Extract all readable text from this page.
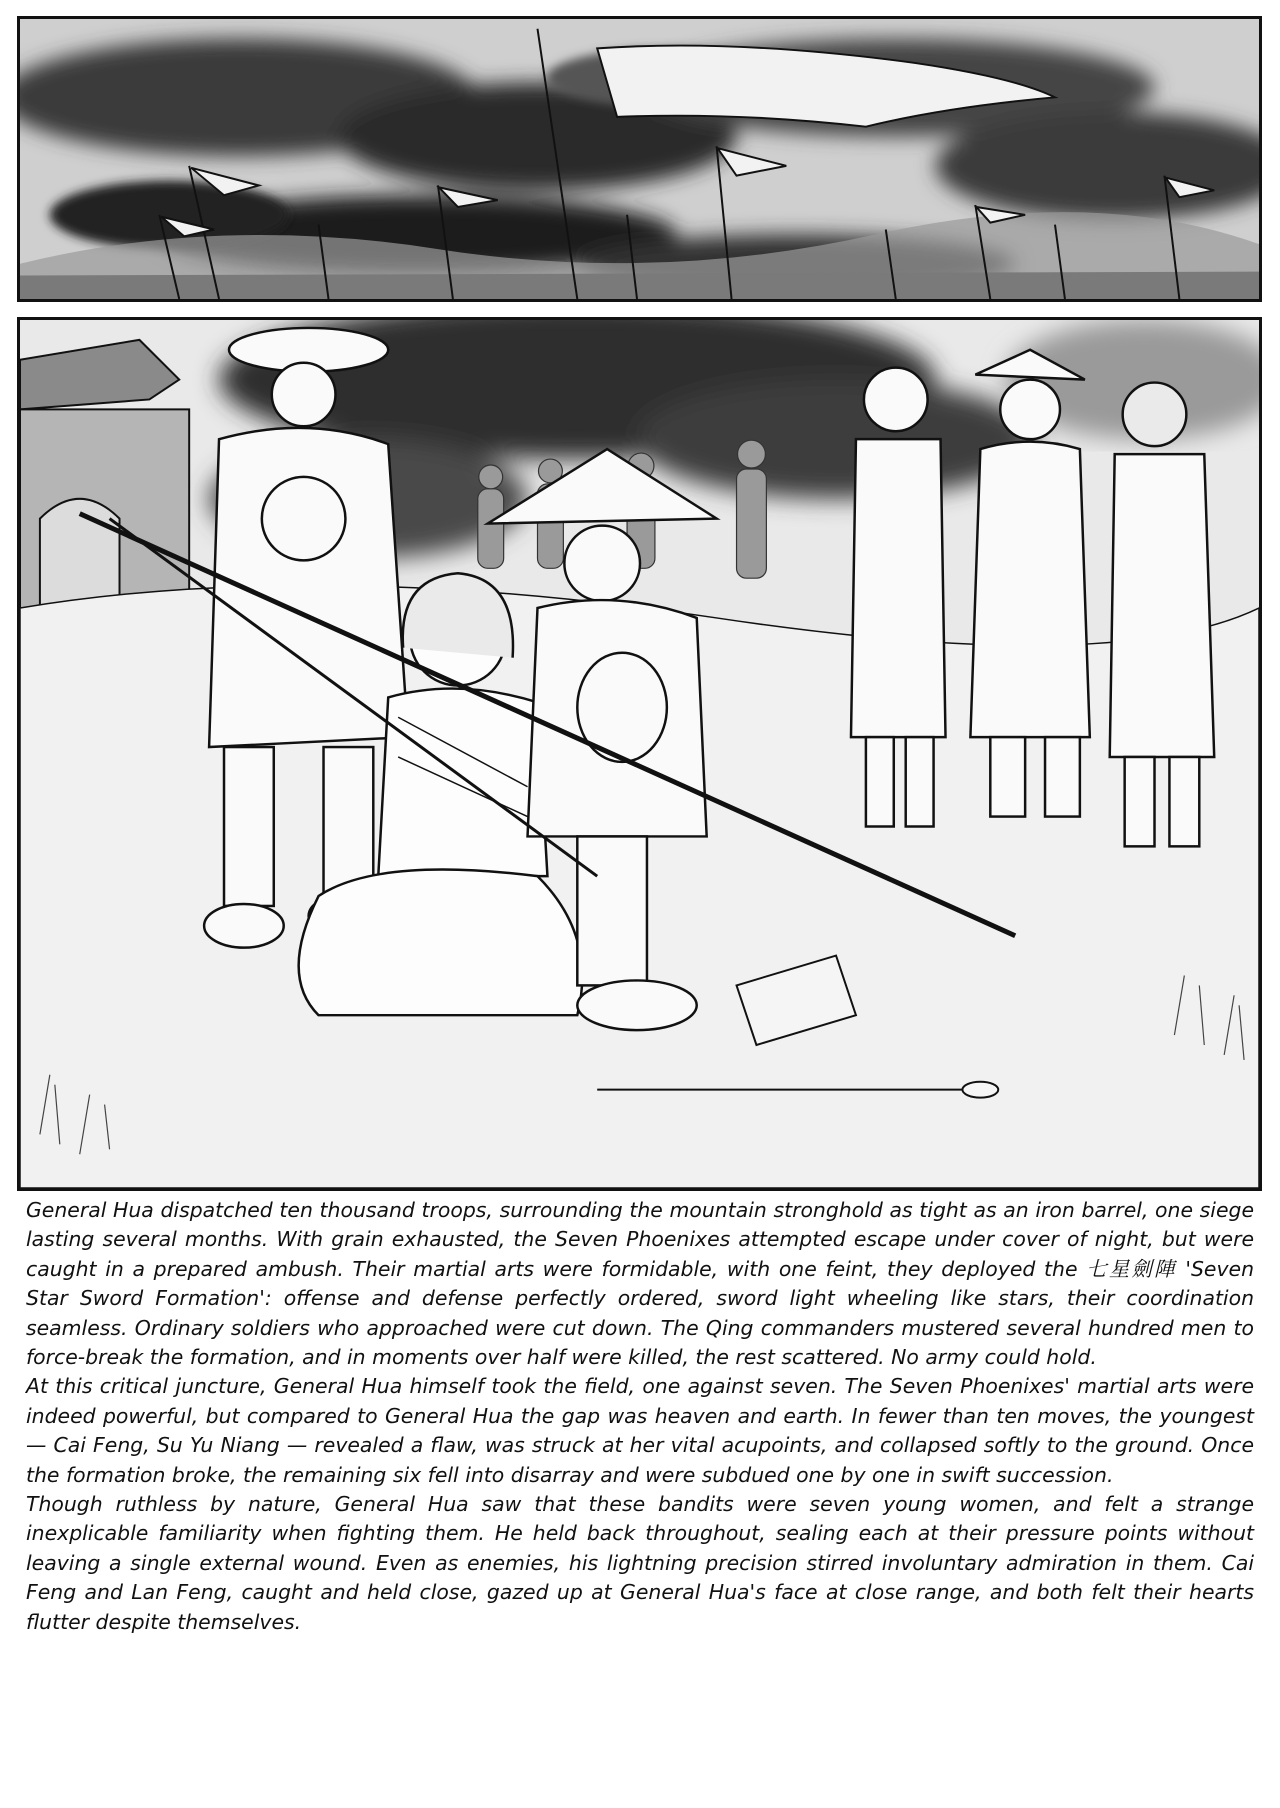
General Hua dispatched ten thousand troops, surrounding the mountain stronghold as tight as an iron barrel, one siege lasting several months. With grain exhausted, the Seven Phoenixes attempted escape under cover of night, but were caught in a prepared ambush. Their martial arts were formidable, with one feint, they deployed the 七星劍陣 'Seven Star Sword Formation': offense and defense perfectly ordered, sword light wheeling like stars, their coordination seamless. Ordinary soldiers who approached were cut down. The Qing commanders mustered several hundred men to force-break the formation, and in moments over half were killed, the rest scattered. No army could hold.

At this critical juncture, General Hua himself took the field, one against seven. The Seven Phoenixes' martial arts were indeed powerful, but compared to General Hua the gap was heaven and earth. In fewer than ten moves, the youngest — Cai Feng, Su Yu Niang — revealed a flaw, was struck at her vital acupoints, and collapsed softly to the ground. Once the formation broke, the remaining six fell into disarray and were subdued one by one in swift succession.

Though ruthless by nature, General Hua saw that these bandits were seven young women, and felt a strange inexplicable familiarity when fighting them. He held back throughout, sealing each at their pressure points without leaving a single external wound. Even as enemies, his lightning precision stirred involuntary admiration in them. Cai Feng and Lan Feng, caught and held close, gazed up at General Hua's face at close range, and both felt their hearts flutter despite themselves.
